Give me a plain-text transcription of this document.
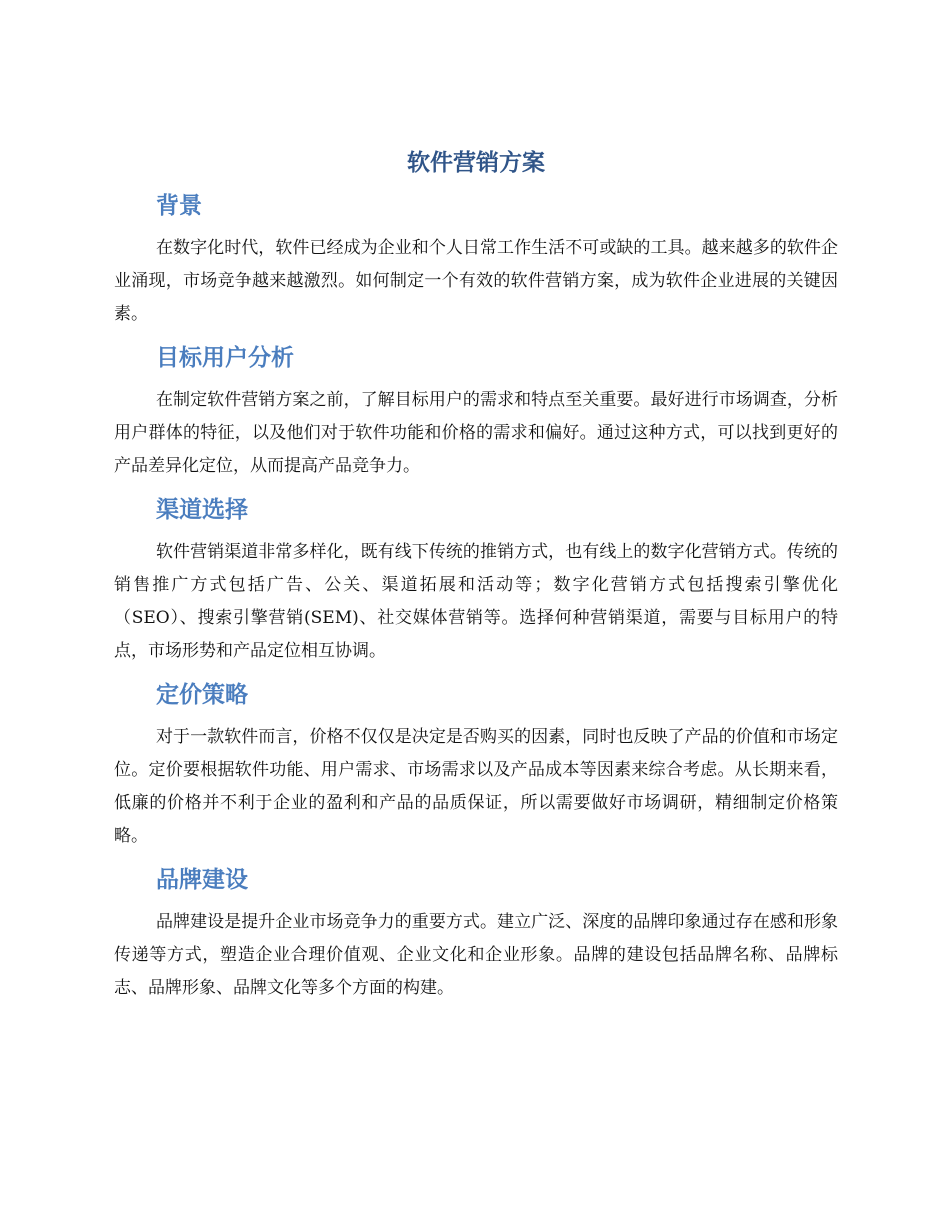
软件营销方案
背景

在数字化时代，软件已经成为企业和个人日常工作生活不可或缺的工具。越来越多的软件企业涌现，市场竞争越来越激烈。如何制定一个有效的软件营销方案，成为软件企业进展的关键因素。

目标用户分析

在制定软件营销方案之前，了解目标用户的需求和特点至关重要。最好进行市场调查，分析用户群体的特征，以及他们对于软件功能和价格的需求和偏好。通过这种方式，可以找到更好的产品差异化定位，从而提高产品竞争力。

渠道选择

软件营销渠道非常多样化，既有线下传统的推销方式，也有线上的数字化营销方式。传统的销售推广方式包括广告、公关、渠道拓展和活动等；数字化营销方式包括搜索引擎优化（SEO）、搜索引擎营销(SEM)、社交媒体营销等。选择何种营销渠道，需要与目标用户的特点，市场形势和产品定位相互协调。

定价策略

对于一款软件而言，价格不仅仅是决定是否购买的因素，同时也反映了产品的价值和市场定位。定价要根据软件功能、用户需求、市场需求以及产品成本等因素来综合考虑。从长期来看，低廉的价格并不利于企业的盈利和产品的品质保证，所以需要做好市场调研，精细制定价格策略。

品牌建设

品牌建设是提升企业市场竞争力的重要方式。建立广泛、深度的品牌印象通过存在感和形象传递等方式，塑造企业合理价值观、企业文化和企业形象。品牌的建设包括品牌名称、品牌标志、品牌形象、品牌文化等多个方面的构建。
